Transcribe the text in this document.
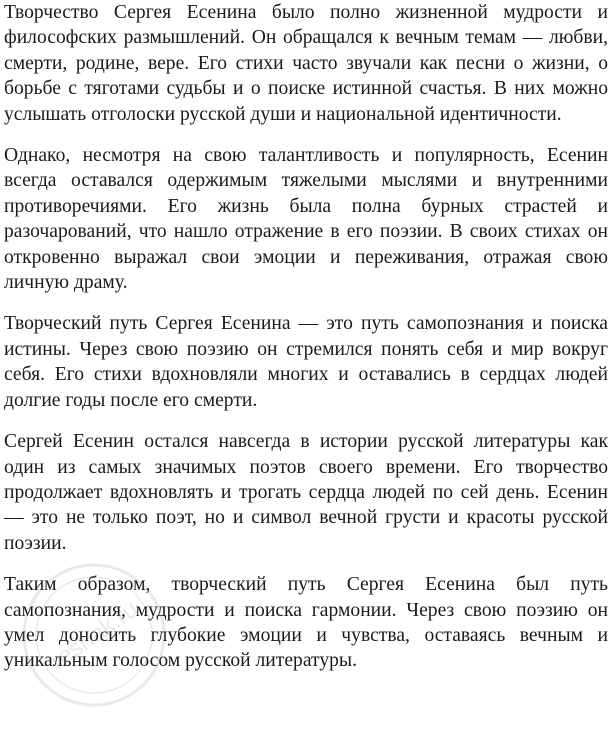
Творчество Сергея Есенина было полно жизненной мудрости и философских размышлений. Он обращался к вечным темам — любви, смерти, родине, вере. Его стихи часто звучали как песни о жизни, о борьбе с тяготами судьбы и о поиске истинной счастья. В них можно услышать отголоски русской души и национальной идентичности.

Однако, несмотря на свою талантливость и популярность, Есенин всегда оставался одержимым тяжелыми мыслями и внутренними противоречиями. Его жизнь была полна бурных страстей и разочарований, что нашло отражение в его поэзии. В своих стихах он откровенно выражал свои эмоции и переживания, отражая свою личную драму.

Творческий путь Сергея Есенина — это путь самопознания и поиска истины. Через свою поэзию он стремился понять себя и мир вокруг себя. Его стихи вдохновляли многих и оставались в сердцах людей долгие годы после его смерти.

Сергей Есенин остался навсегда в истории русской литературы как один из самых значимых поэтов своего времени. Его творчество продолжает вдохновлять и трогать сердца людей по сей день. Есенин — это не только поэт, но и символ вечной грусти и красоты русской поэзии.

Таким образом, творческий путь Сергея Есенина был путь самопознания, мудрости и поиска гармонии. Через свою поэзию он умел доносить глубокие эмоции и чувства, оставаясь вечным и уникальным голосом русской литературы.

reshak.ru
